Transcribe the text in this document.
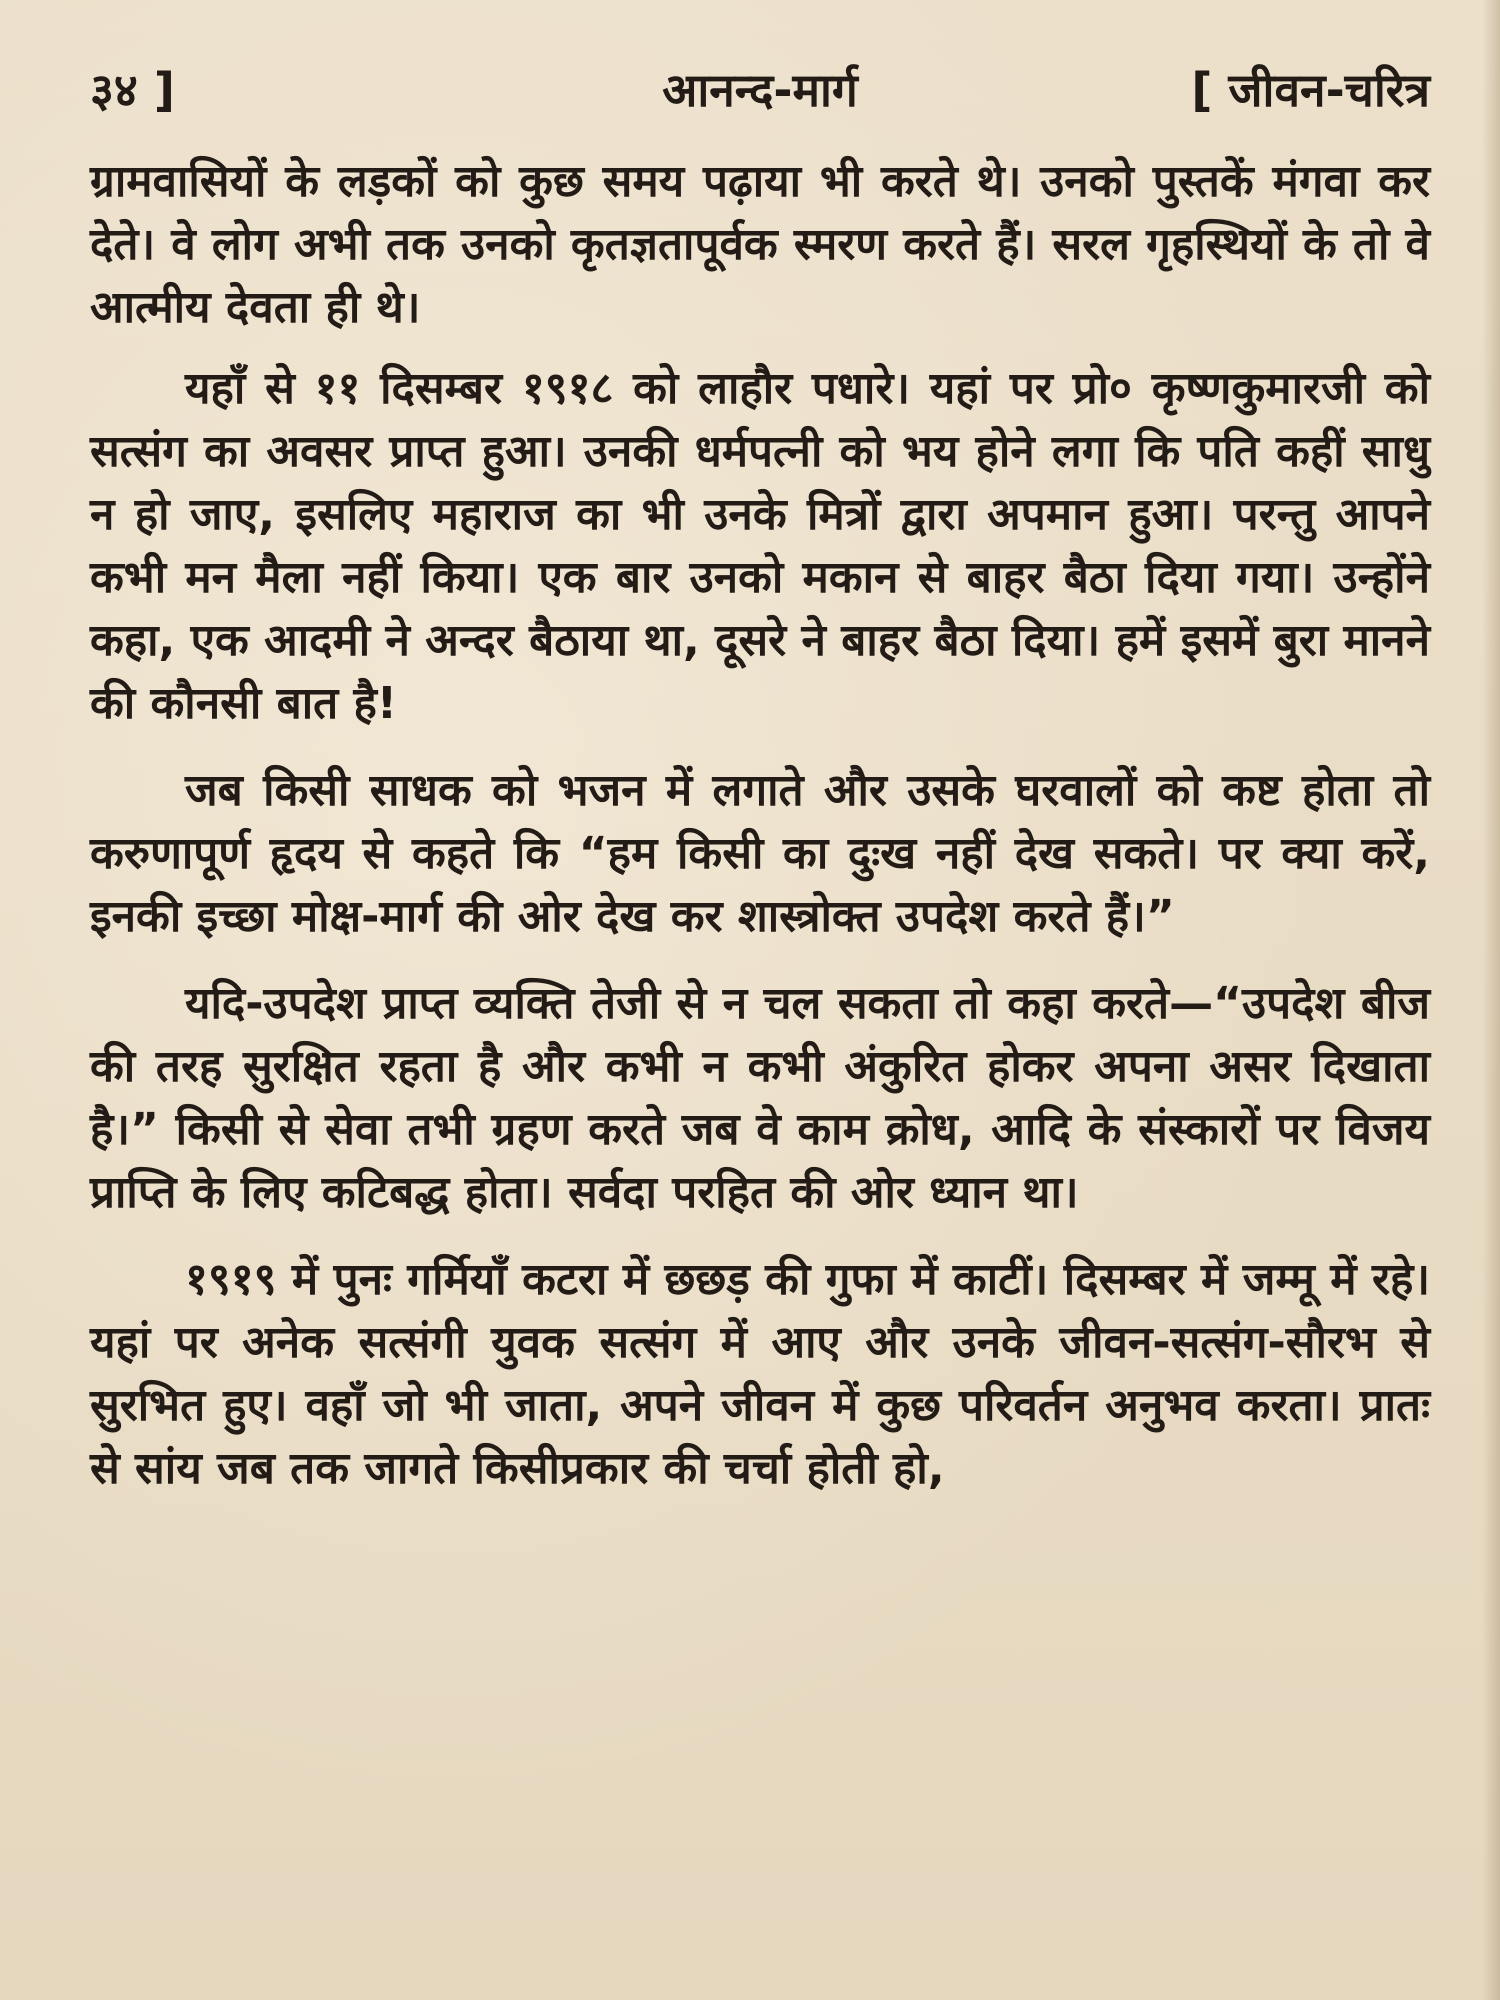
३४ ]	आनन्द-मार्ग	[ जीवन-चरित्र

ग्रामवासियों के लड़कों को कुछ समय पढ़ाया भी करते थे। उनको पुस्तकें मंगवा कर देते। वे लोग अभी तक उनको कृतज्ञतापूर्वक स्मरण करते हैं। सरल गृहस्थियों के तो वे आत्मीय देवता ही थे।

यहाँ से ११ दिसम्बर १९१८ को लाहौर पधारे। यहां पर प्रो० कृष्णकुमारजी को सत्संग का अवसर प्राप्त हुआ। उनकी धर्मपत्नी को भय होने लगा कि पति कहीं साधु न हो जाए, इसलिए महाराज का भी उनके मित्रों द्वारा अपमान हुआ। परन्तु आपने कभी मन मैला नहीं किया। एक बार उनको मकान से बाहर बैठा दिया गया। उन्होंने कहा, एक आदमी ने अन्दर बैठाया था, दूसरे ने बाहर बैठा दिया। हमें इसमें बुरा मानने की कौनसी बात है!

जब किसी साधक को भजन में लगाते और उसके घरवालों को कष्ट होता तो करुणापूर्ण हृदय से कहते कि “हम किसी का दुःख नहीं देख सकते। पर क्या करें, इनकी इच्छा मोक्ष-मार्ग की ओर देख कर शास्त्रोक्त उपदेश करते हैं।”

यदि-उपदेश प्राप्त व्यक्ति तेजी से न चल सकता तो कहा करते—“उपदेश बीज की तरह सुरक्षित रहता है और कभी न कभी अंकुरित होकर अपना असर दिखाता है।” किसी से सेवा तभी ग्रहण करते जब वे काम क्रोध, आदि के संस्कारों पर विजय प्राप्ति के लिए कटिबद्ध होता। सर्वदा परहित की ओर ध्यान था।

१९१९ में पुनः गर्मियाँ कटरा में छछड़ की गुफा में काटीं। दिसम्बर में जम्मू में रहे। यहां पर अनेक सत्संगी युवक सत्संग में आए और उनके जीवन-सत्संग-सौरभ से सुरभित हुए। वहाँ जो भी जाता, अपने जीवन में कुछ परिवर्तन अनुभव करता। प्रातः से सांय जब तक जागते किसीप्रकार की चर्चा होती हो,
